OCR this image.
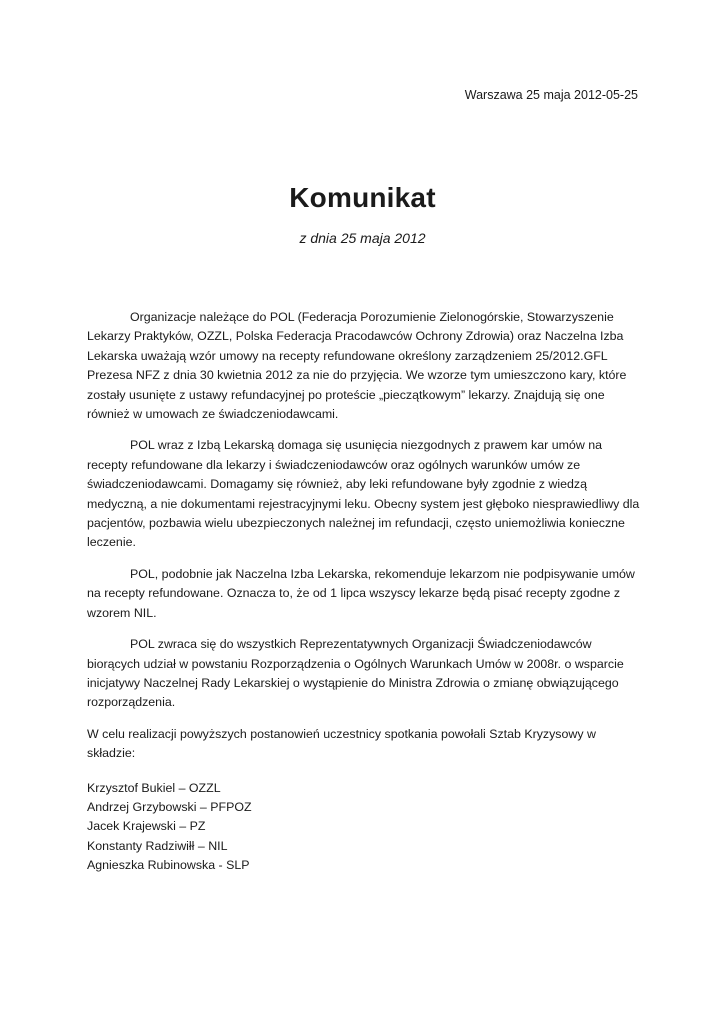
Warszawa 25 maja 2012-05-25
Komunikat
z dnia 25 maja 2012

Organizacje należące do POL (Federacja Porozumienie Zielonogórskie, Stowarzyszenie Lekarzy Praktyków, OZZL, Polska Federacja Pracodawców Ochrony Zdrowia) oraz Naczelna Izba Lekarska uważają wzór umowy na recepty refundowane określony zarządzeniem 25/2012.GFL Prezesa NFZ z dnia 30 kwietnia 2012 za nie do przyjęcia. We wzorze tym umieszczono kary, które zostały usunięte z ustawy refundacyjnej po proteście „pieczątkowym” lekarzy. Znajdują się one również w umowach ze świadczeniodawcami.

POL wraz z Izbą Lekarską domaga się usunięcia niezgodnych z prawem kar umów na recepty refundowane dla lekarzy i świadczeniodawców oraz ogólnych warunków umów ze świadczeniodawcami. Domagamy się również, aby leki refundowane były zgodnie z wiedzą medyczną, a nie dokumentami rejestracyjnymi leku. Obecny system jest głęboko niesprawiedliwy dla pacjentów, pozbawia wielu ubezpieczonych należnej im refundacji, często uniemożliwia konieczne leczenie.

POL, podobnie jak Naczelna Izba Lekarska, rekomenduje lekarzom nie podpisywanie umów na recepty refundowane. Oznacza to, że od 1 lipca wszyscy lekarze będą pisać recepty zgodne z wzorem NIL.

POL zwraca się do wszystkich Reprezentatywnych Organizacji Świadczeniodawców biorących udział w powstaniu Rozporządzenia o Ogólnych Warunkach Umów w 2008r. o wsparcie inicjatywy Naczelnej Rady Lekarskiej o wystąpienie do Ministra Zdrowia o zmianę obwiązującego rozporządzenia.

W celu realizacji powyższych postanowień uczestnicy spotkania powołali Sztab Kryzysowy w składzie:

Krzysztof Bukiel – OZZL
Andrzej Grzybowski – PFPOZ
Jacek Krajewski – PZ
Konstanty Radziwiłł – NIL
Agnieszka Rubinowska - SLP
